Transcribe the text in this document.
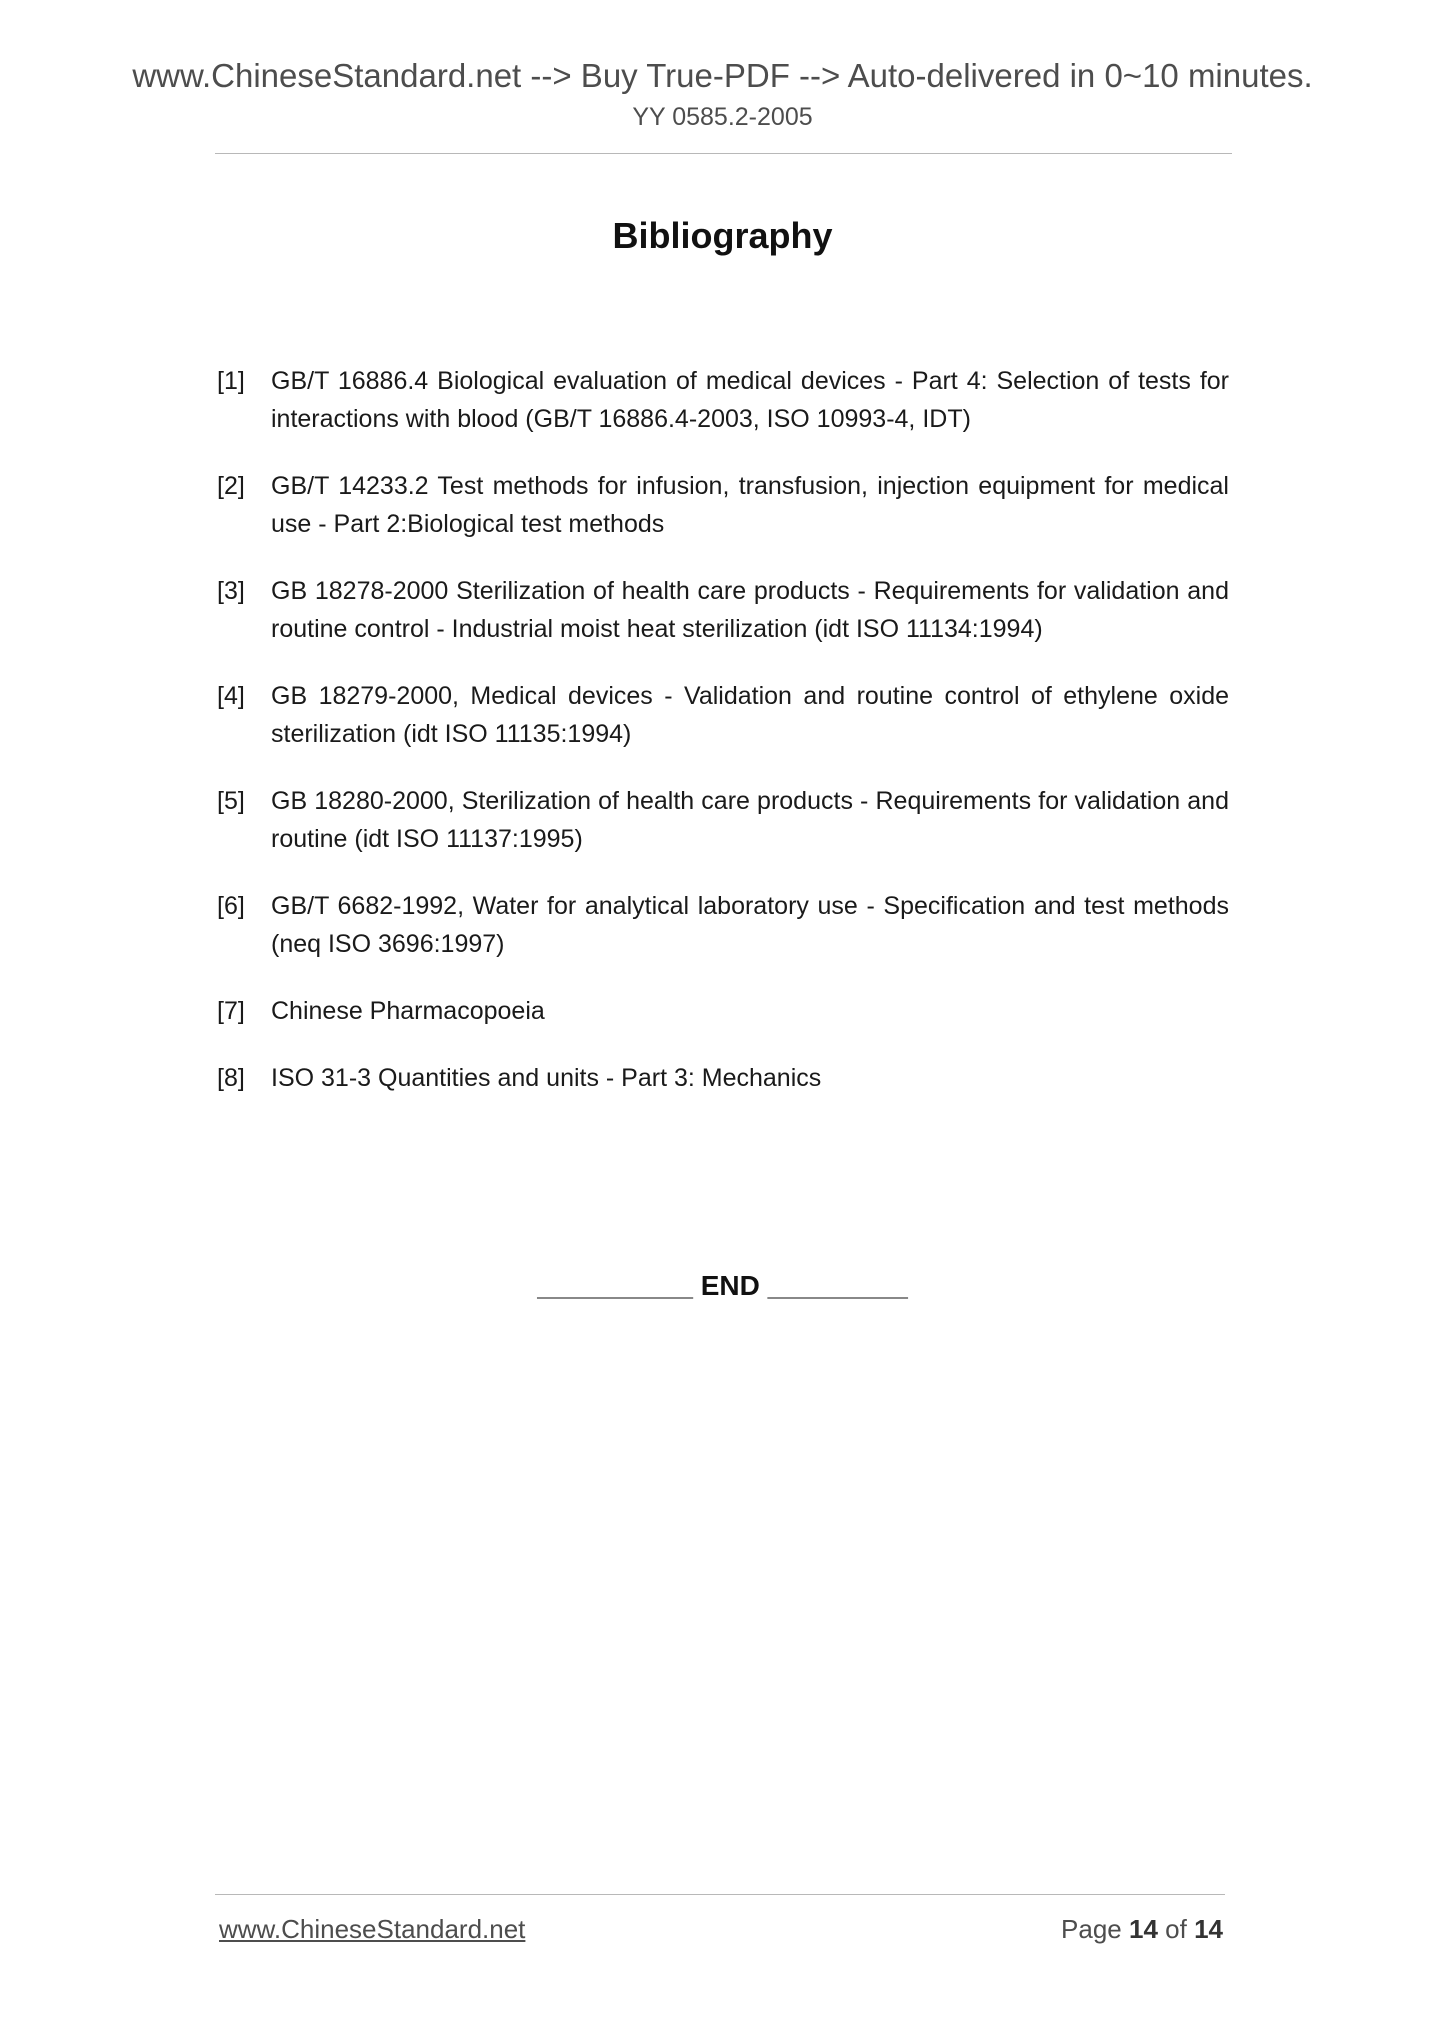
www.ChineseStandard.net --> Buy True-PDF --> Auto-delivered in 0~10 minutes.
YY 0585.2-2005
Bibliography
[1] GB/T 16886.4 Biological evaluation of medical devices - Part 4: Selection of tests for interactions with blood (GB/T 16886.4-2003, ISO 10993-4, IDT)
[2] GB/T 14233.2 Test methods for infusion, transfusion, injection equipment for medical use - Part 2:Biological test methods
[3] GB 18278-2000 Sterilization of health care products - Requirements for validation and routine control - Industrial moist heat sterilization (idt ISO 11134:1994)
[4] GB 18279-2000, Medical devices - Validation and routine control of ethylene oxide sterilization (idt ISO 11135:1994)
[5] GB 18280-2000, Sterilization of health care products - Requirements for validation and routine (idt ISO 11137:1995)
[6] GB/T 6682-1992, Water for analytical laboratory use - Specification and test methods (neq ISO 3696:1997)
[7] Chinese Pharmacopoeia
[8] ISO 31-3 Quantities and units - Part 3: Mechanics
__________ END _________
www.ChineseStandard.net	Page 14 of 14
